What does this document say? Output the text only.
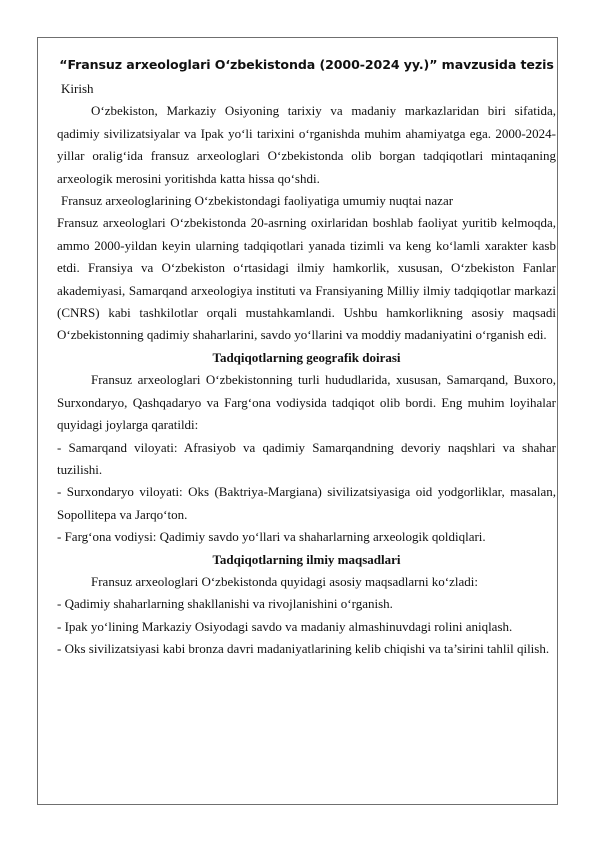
“Fransuz arxeologlari O‘zbekistonda (2000-2024 yy.)” mavzusida tezis

Kirish

O‘zbekiston, Markaziy Osiyoning tarixiy va madaniy markazlaridan biri sifatida, qadimiy sivilizatsiyalar va Ipak yo‘li tarixini o‘rganishda muhim ahamiyatga ega. 2000-2024-yillar oralig‘ida fransuz arxeologlari O‘zbekistonda olib borgan tadqiqotlari mintaqaning arxeologik merosini yoritishda katta hissa qo‘shdi.

Fransuz arxeologlarining O‘zbekistondagi faoliyatiga umumiy nuqtai nazar

Fransuz arxeologlari O‘zbekistonda 20-asrning oxirlaridan boshlab faoliyat yuritib kelmoqda, ammo 2000-yildan keyin ularning tadqiqotlari yanada tizimli va keng ko‘lamli xarakter kasb etdi. Fransiya va O‘zbekiston o‘rtasidagi ilmiy hamkorlik, xususan, O‘zbekiston Fanlar akademiyasi, Samarqand arxeologiya instituti va Fransiyaning Milliy ilmiy tadqiqotlar markazi (CNRS) kabi tashkilotlar orqali mustahkamlandi. Ushbu hamkorlikning asosiy maqsadi O‘zbekistonning qadimiy shaharlarini, savdo yo‘llarini va moddiy madaniyatini o‘rganish edi.

Tadqiqotlarning geografik doirasi

Fransuz arxeologlari O‘zbekistonning turli hududlarida, xususan, Samarqand, Buxoro, Surxondaryo, Qashqadaryo va Farg‘ona vodiysida tadqiqot olib bordi. Eng muhim loyihalar quyidagi joylarga qaratildi:

- Samarqand viloyati: Afrasiyob va qadimiy Samarqandning devoriy naqshlari va shahar tuzilishi.

- Surxondaryo viloyati: Oks (Baktriya-Margiana) sivilizatsiyasiga oid yodgorliklar, masalan, Sopollitepa va Jarqo‘ton.

- Farg‘ona vodiysi: Qadimiy savdo yo‘llari va shaharlarning arxeologik qoldiqlari.

Tadqiqotlarning ilmiy maqsadlari

Fransuz arxeologlari O‘zbekistonda quyidagi asosiy maqsadlarni ko‘zladi:

- Qadimiy shaharlarning shakllanishi va rivojlanishini o‘rganish.

- Ipak yo‘lining Markaziy Osiyodagi savdo va madaniy almashinuvdagi rolini aniqlash.

- Oks sivilizatsiyasi kabi bronza davri madaniyatlarining kelib chiqishi va ta’sirini tahlil qilish.
